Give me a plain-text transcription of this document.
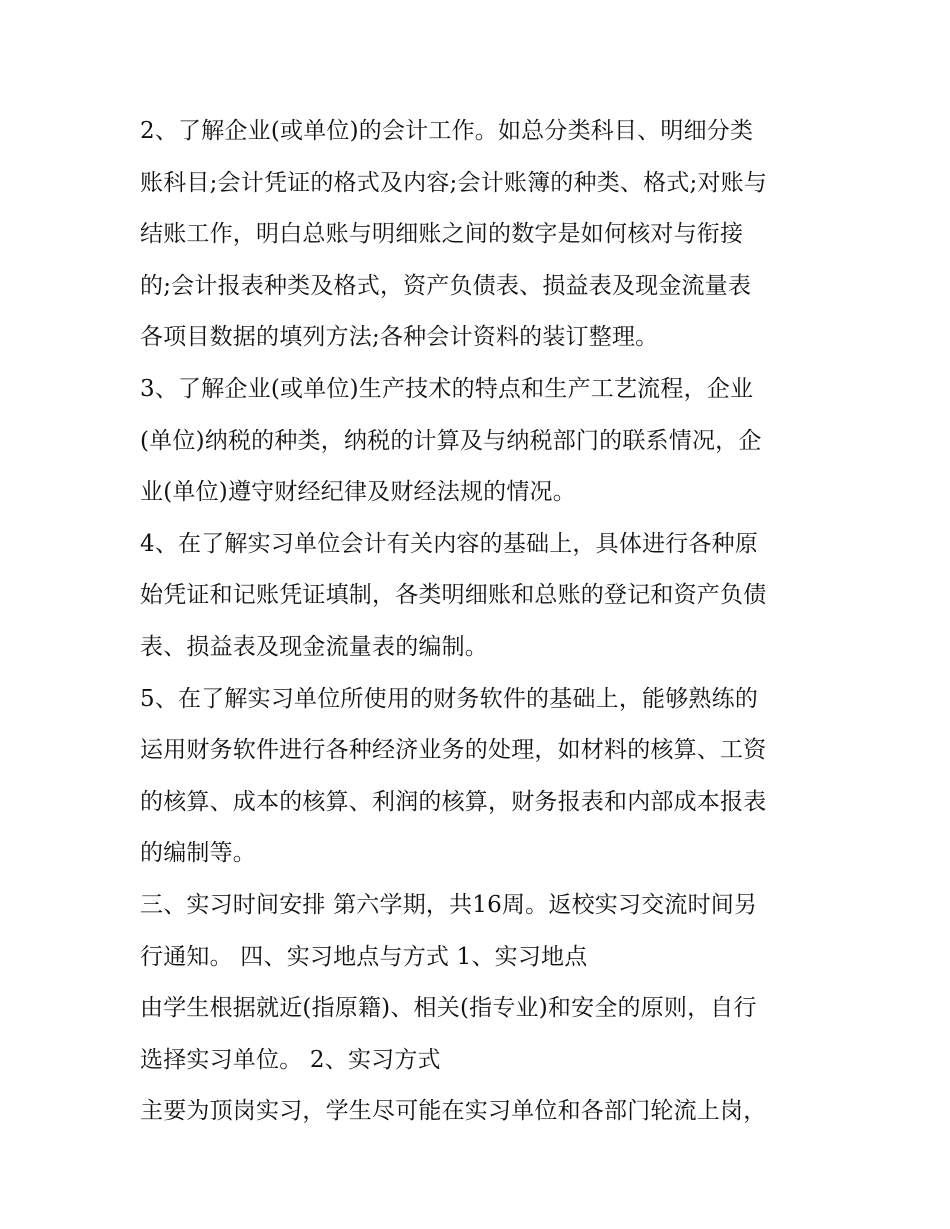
2、了解企业(或单位)的会计工作。如总分类科目、明细分类
账科目;会计凭证的格式及内容;会计账簿的种类、格式;对账与
结账工作，明白总账与明细账之间的数字是如何核对与衔接
的;会计报表种类及格式，资产负债表、损益表及现金流量表
各项目数据的填列方法;各种会计资料的装订整理。
3、了解企业(或单位)生产技术的特点和生产工艺流程，企业
(单位)纳税的种类，纳税的计算及与纳税部门的联系情况，企
业(单位)遵守财经纪律及财经法规的情况。
4、在了解实习单位会计有关内容的基础上，具体进行各种原
始凭证和记账凭证填制，各类明细账和总账的登记和资产负债
表、损益表及现金流量表的编制。
5、在了解实习单位所使用的财务软件的基础上，能够熟练的
运用财务软件进行各种经济业务的处理，如材料的核算、工资
的核算、成本的核算、利润的核算，财务报表和内部成本报表
的编制等。
三、实习时间安排 第六学期，共16周。返校实习交流时间另
行通知。 四、实习地点与方式 1、实习地点
由学生根据就近(指原籍)、相关(指专业)和安全的原则，自行
选择实习单位。 2、实习方式
主要为顶岗实习，学生尽可能在实习单位和各部门轮流上岗，
